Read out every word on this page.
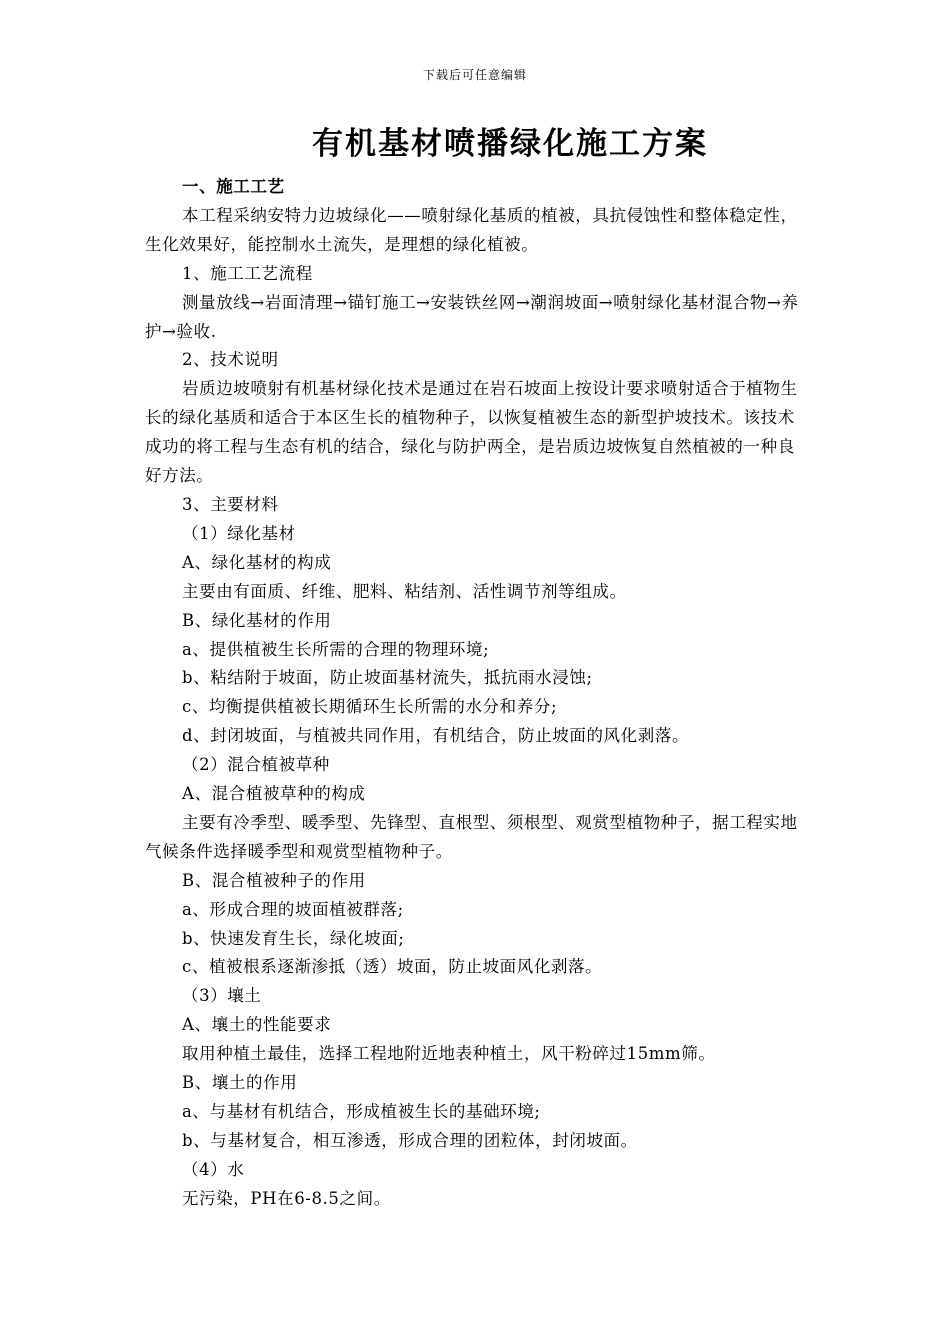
下载后可任意编辑
有机基材喷播绿化施工方案

一、施工工艺

本工程采纳安特力边坡绿化——喷射绿化基质的植被，具抗侵蚀性和整体稳定性，生化效果好，能控制水土流失，是理想的绿化植被。

1、施工工艺流程

测量放线→岩面清理→锚钉施工→安装铁丝网→潮润坡面→喷射绿化基材混合物→养护→验收.

2、技术说明

岩质边坡喷射有机基材绿化技术是通过在岩石坡面上按设计要求喷射适合于植物生长的绿化基质和适合于本区生长的植物种子，以恢复植被生态的新型护坡技术。该技术成功的将工程与生态有机的结合，绿化与防护两全，是岩质边坡恢复自然植被的一种良好方法。

3、主要材料

（1）绿化基材

A、绿化基材的构成

主要由有面质、纤维、肥料、粘结剂、活性调节剂等组成。

B、绿化基材的作用

a、提供植被生长所需的合理的物理环境;

b、粘结附于坡面，防止坡面基材流失，抵抗雨水浸蚀;

c、均衡提供植被长期循环生长所需的水分和养分;

d、封闭坡面，与植被共同作用，有机结合，防止坡面的风化剥落。

（2）混合植被草种

A、混合植被草种的构成

主要有冷季型、暖季型、先锋型、直根型、须根型、观赏型植物种子，据工程实地气候条件选择暖季型和观赏型植物种子。

B、混合植被种子的作用

a、形成合理的坡面植被群落;

b、快速发育生长，绿化坡面;

c、植被根系逐渐渗抵（透）坡面，防止坡面风化剥落。

（3）壤土

A、壤土的性能要求

取用种植土最佳，选择工程地附近地表种植土，风干粉碎过15mm筛。

B、壤土的作用

a、与基材有机结合，形成植被生长的基础环境;

b、与基材复合，相互渗透，形成合理的团粒体，封闭坡面。

（4）水

无污染，PH在6-8.5之间。
